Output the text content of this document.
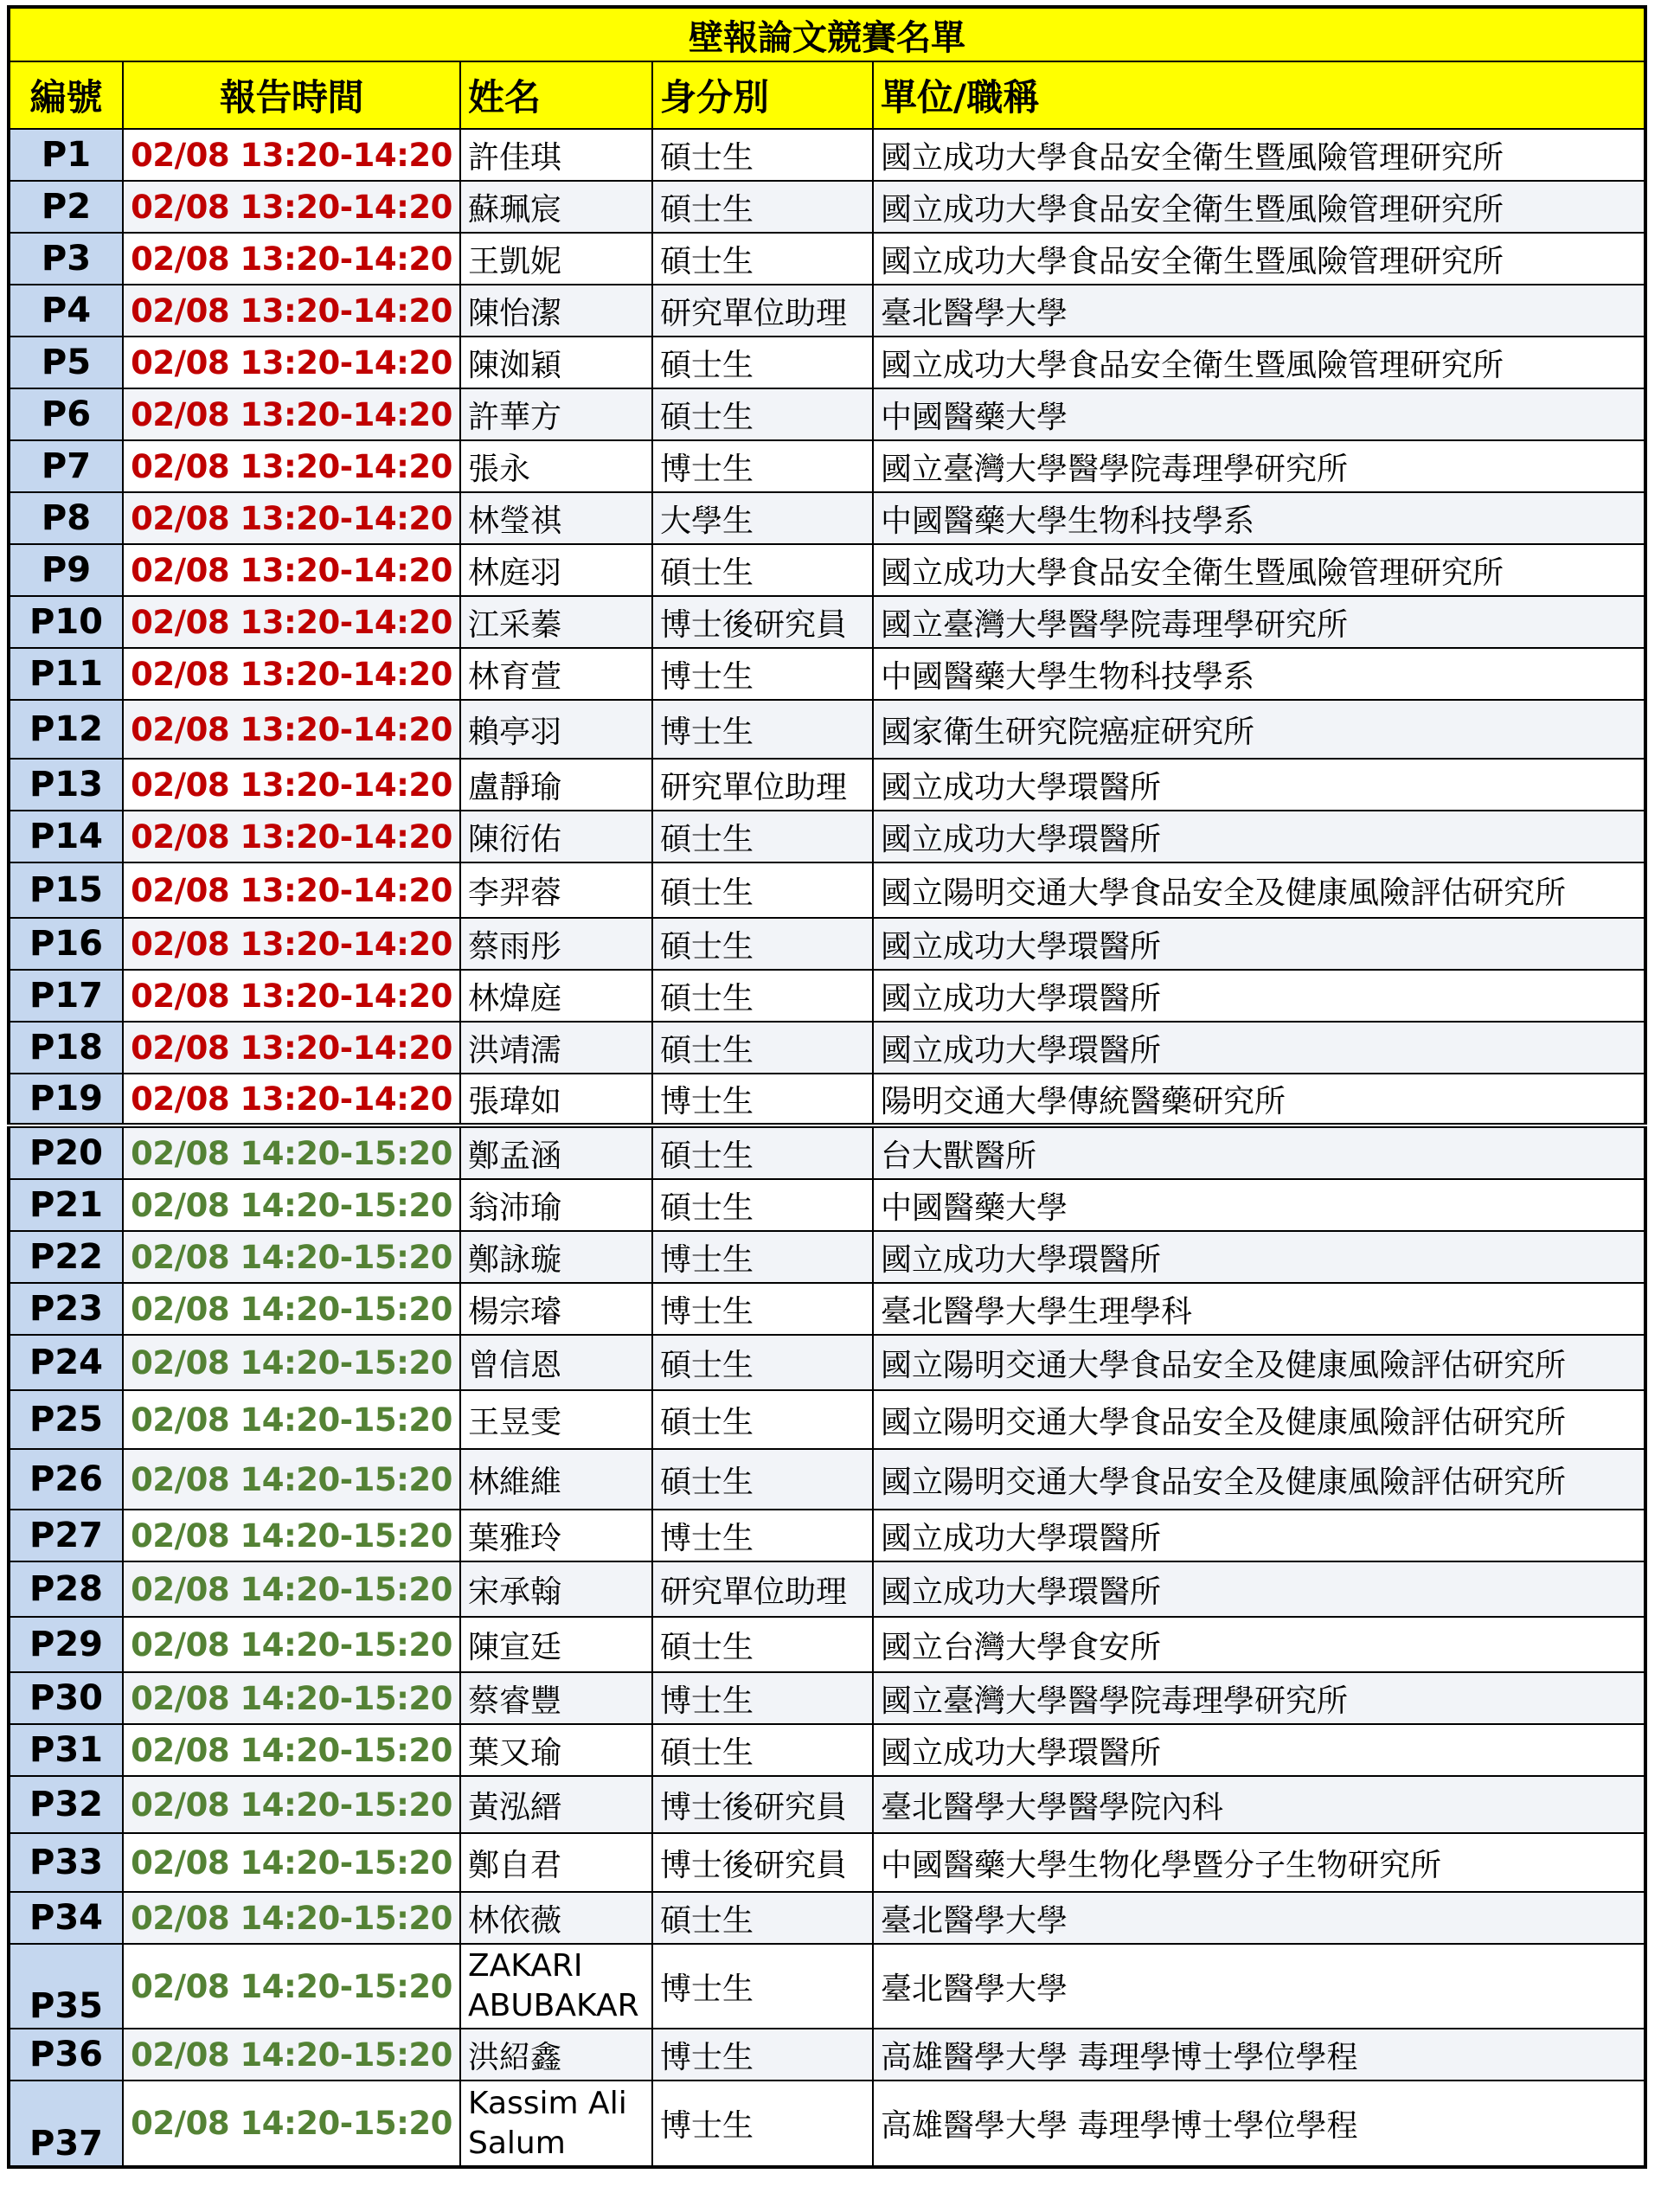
壁報論文競賽名單				
編號	報告時間	姓名	身分別	單位/職稱
P1	02/08 13:20-14:20	許佳琪	碩士生	國立成功大學食品安全衛生暨風險管理研究所
P2	02/08 13:20-14:20	蘇珮宸	碩士生	國立成功大學食品安全衛生暨風險管理研究所
P3	02/08 13:20-14:20	王凱妮	碩士生	國立成功大學食品安全衛生暨風險管理研究所
P4	02/08 13:20-14:20	陳怡潔	研究單位助理	臺北醫學大學
P5	02/08 13:20-14:20	陳洳穎	碩士生	國立成功大學食品安全衛生暨風險管理研究所
P6	02/08 13:20-14:20	許華方	碩士生	中國醫藥大學
P7	02/08 13:20-14:20	張永	博士生	國立臺灣大學醫學院毒理學研究所
P8	02/08 13:20-14:20	林瑩祺	大學生	中國醫藥大學生物科技學系
P9	02/08 13:20-14:20	林庭羽	碩士生	國立成功大學食品安全衛生暨風險管理研究所
P10	02/08 13:20-14:20	江采蓁	博士後研究員	國立臺灣大學醫學院毒理學研究所
P11	02/08 13:20-14:20	林育萱	博士生	中國醫藥大學生物科技學系
P12	02/08 13:20-14:20	賴亭羽	博士生	國家衛生研究院癌症研究所
P13	02/08 13:20-14:20	盧靜瑜	研究單位助理	國立成功大學環醫所
P14	02/08 13:20-14:20	陳衍佑	碩士生	國立成功大學環醫所
P15	02/08 13:20-14:20	李羿蓉	碩士生	國立陽明交通大學食品安全及健康風險評估研究所
P16	02/08 13:20-14:20	蔡雨彤	碩士生	國立成功大學環醫所
P17	02/08 13:20-14:20	林煒庭	碩士生	國立成功大學環醫所
P18	02/08 13:20-14:20	洪靖濡	碩士生	國立成功大學環醫所
P19	02/08 13:20-14:20	張瑋如	博士生	陽明交通大學傳統醫藥研究所
P20	02/08 14:20-15:20	鄭孟涵	碩士生	台大獸醫所
P21	02/08 14:20-15:20	翁沛瑜	碩士生	中國醫藥大學
P22	02/08 14:20-15:20	鄭詠璇	博士生	國立成功大學環醫所
P23	02/08 14:20-15:20	楊宗璿	博士生	臺北醫學大學生理學科
P24	02/08 14:20-15:20	曾信恩	碩士生	國立陽明交通大學食品安全及健康風險評估研究所
P25	02/08 14:20-15:20	王昱雯	碩士生	國立陽明交通大學食品安全及健康風險評估研究所
P26	02/08 14:20-15:20	林維維	碩士生	國立陽明交通大學食品安全及健康風險評估研究所
P27	02/08 14:20-15:20	葉雅玲	博士生	國立成功大學環醫所
P28	02/08 14:20-15:20	宋承翰	研究單位助理	國立成功大學環醫所
P29	02/08 14:20-15:20	陳宣廷	碩士生	國立台灣大學食安所
P30	02/08 14:20-15:20	蔡睿豐	博士生	國立臺灣大學醫學院毒理學研究所
P31	02/08 14:20-15:20	葉又瑜	碩士生	國立成功大學環醫所
P32	02/08 14:20-15:20	黃泓縉	博士後研究員	臺北醫學大學醫學院內科
P33	02/08 14:20-15:20	鄭自君	博士後研究員	中國醫藥大學生物化學暨分子生物研究所
P34	02/08 14:20-15:20	林依薇	碩士生	臺北醫學大學
P35	02/08 14:20-15:20	ZAKARI ABUBAKAR	博士生	臺北醫學大學
P36	02/08 14:20-15:20	洪紹鑫	博士生	高雄醫學大學 毒理學博士學位學程
P37	02/08 14:20-15:20	Kassim Ali Salum	博士生	高雄醫學大學 毒理學博士學位學程
